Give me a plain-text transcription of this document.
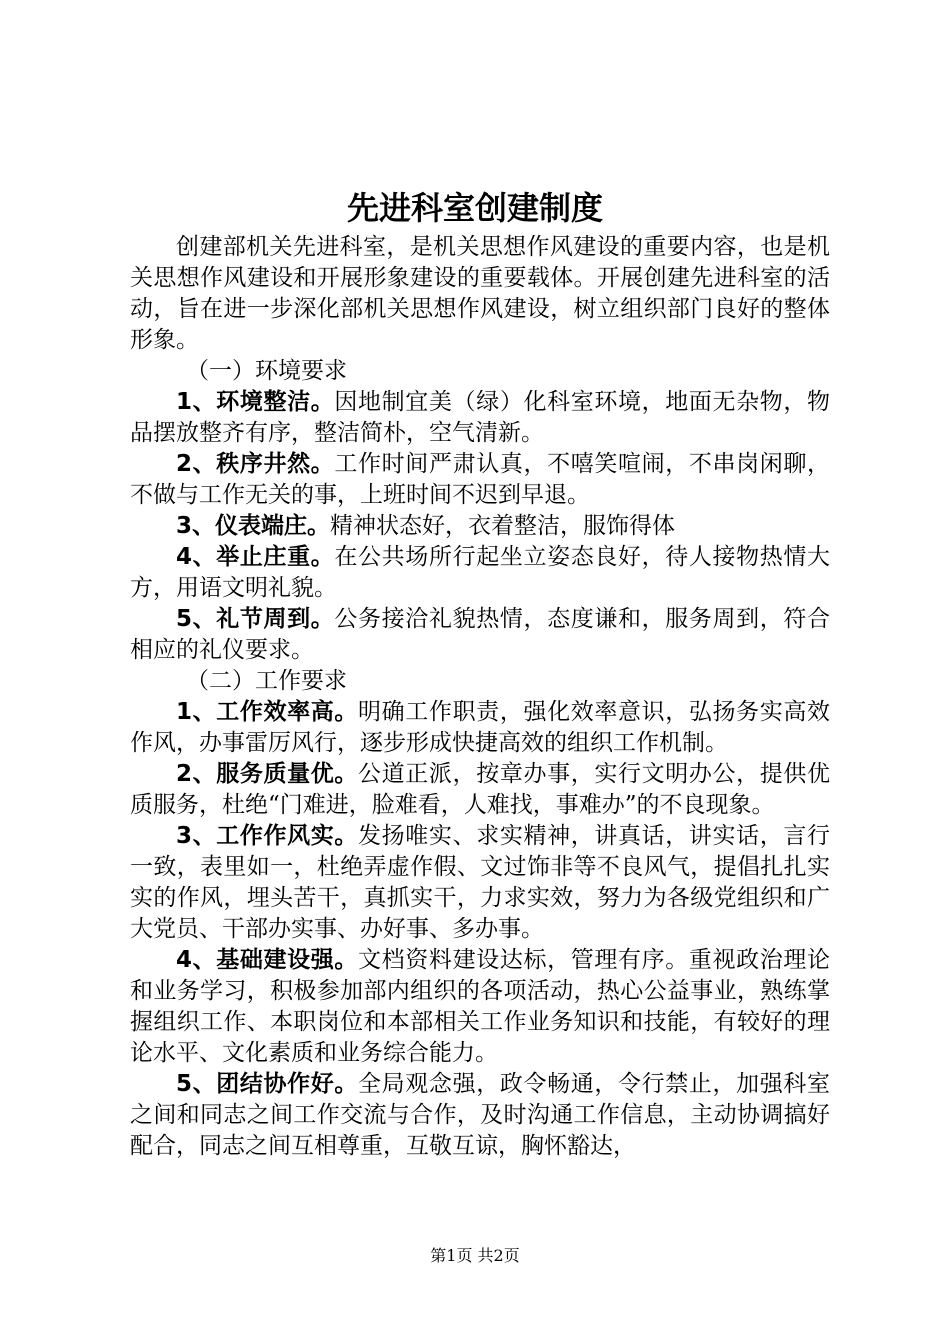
先进科室创建制度

创建部机关先进科室，是机关思想作风建设的重要内容，也是机关思想作风建设和开展形象建设的重要载体。开展创建先进科室的活动，旨在进一步深化部机关思想作风建设，树立组织部门良好的整体形象。

（一）环境要求

1、环境整洁。因地制宜美（绿）化科室环境，地面无杂物，物品摆放整齐有序，整洁简朴，空气清新。

2、秩序井然。工作时间严肃认真，不嘻笑喧闹，不串岗闲聊，不做与工作无关的事，上班时间不迟到早退。

3、仪表端庄。精神状态好，衣着整洁，服饰得体

4、举止庄重。在公共场所行起坐立姿态良好，待人接物热情大方，用语文明礼貌。

5、礼节周到。公务接洽礼貌热情，态度谦和，服务周到，符合相应的礼仪要求。

（二）工作要求

1、工作效率高。明确工作职责，强化效率意识，弘扬务实高效作风，办事雷厉风行，逐步形成快捷高效的组织工作机制。

2、服务质量优。公道正派，按章办事，实行文明办公，提供优质服务，杜绝“门难进，脸难看，人难找，事难办”的不良现象。

3、工作作风实。发扬唯实、求实精神，讲真话，讲实话，言行一致，表里如一，杜绝弄虚作假、文过饰非等不良风气，提倡扎扎实实的作风，埋头苦干，真抓实干，力求实效，努力为各级党组织和广大党员、干部办实事、办好事、多办事。

4、基础建设强。文档资料建设达标，管理有序。重视政治理论和业务学习，积极参加部内组织的各项活动，热心公益事业，熟练掌握组织工作、本职岗位和本部相关工作业务知识和技能，有较好的理论水平、文化素质和业务综合能力。

5、团结协作好。全局观念强，政令畅通，令行禁止，加强科室之间和同志之间工作交流与合作，及时沟通工作信息，主动协调搞好配合，同志之间互相尊重，互敬互谅，胸怀豁达，

第1页 共2页
